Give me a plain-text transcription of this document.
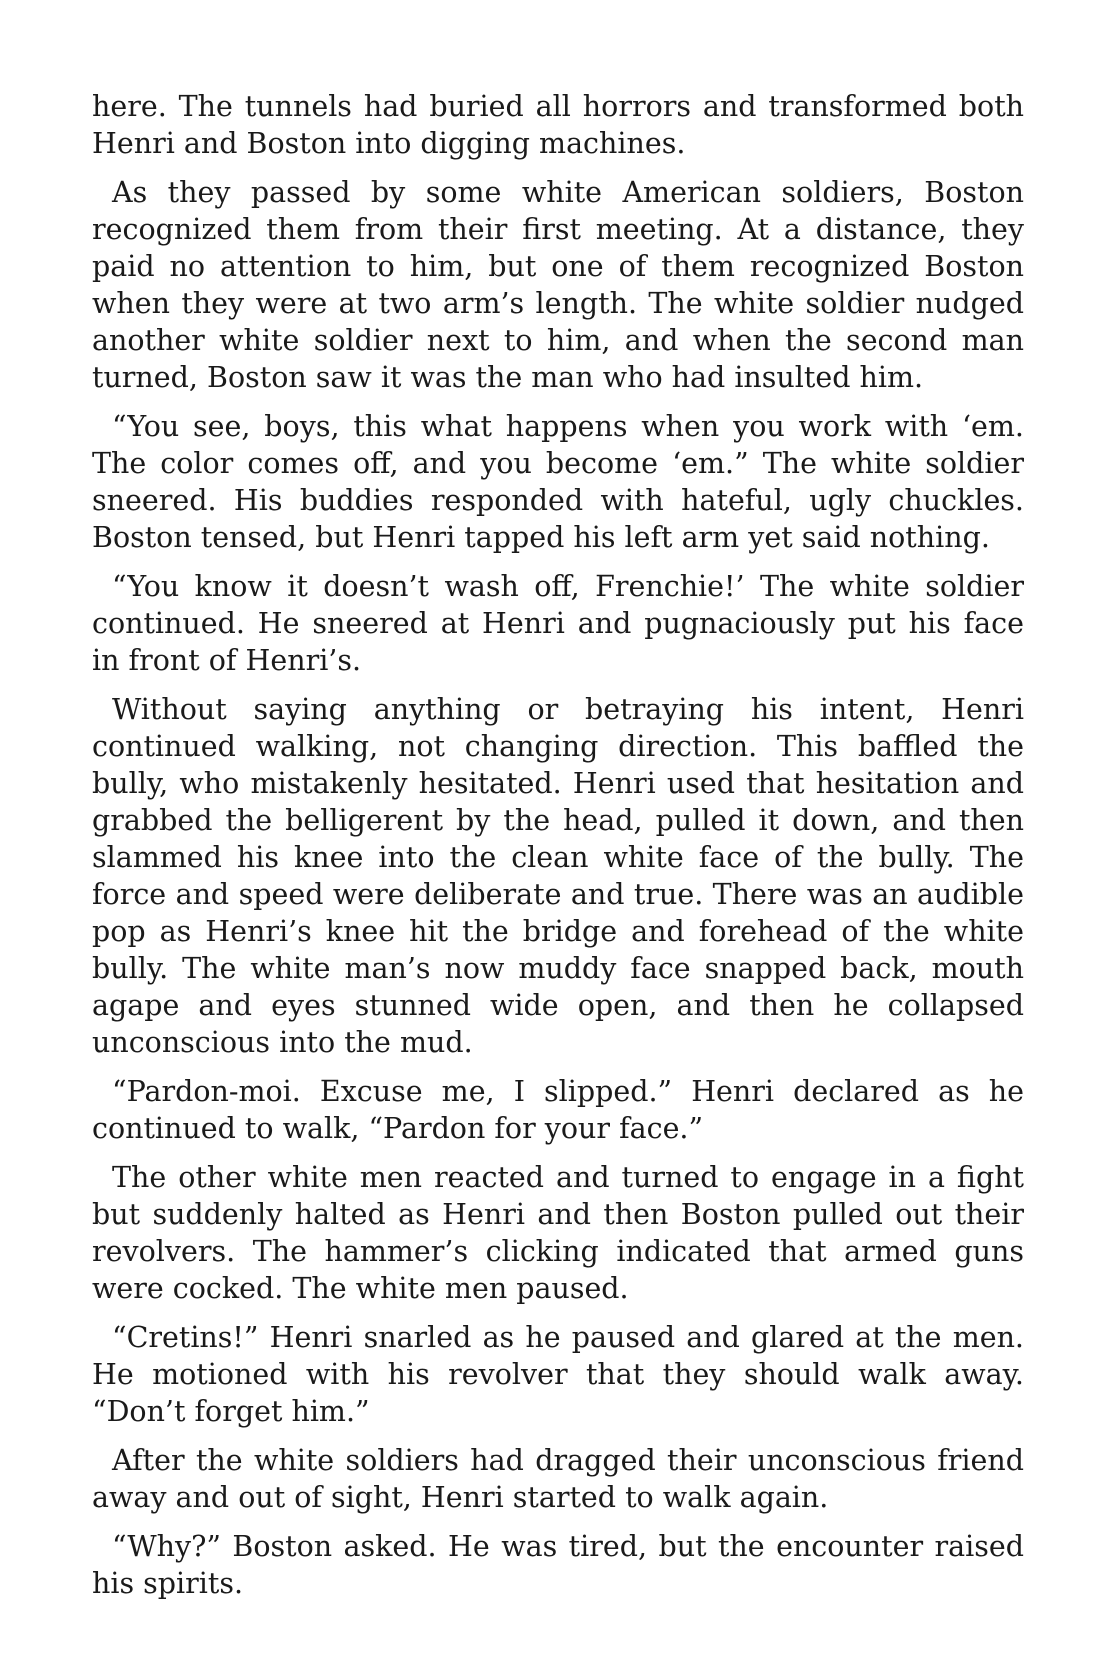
here. The tunnels had buried all horrors and transformed both Henri and Boston into digging machines.

As they passed by some white American soldiers, Boston recognized them from their first meeting. At a distance, they paid no attention to him, but one of them recognized Boston when they were at two arm’s length. The white soldier nudged another white soldier next to him, and when the second man turned, Boston saw it was the man who had insulted him.

“You see, boys, this what happens when you work with ‘em. The color comes off, and you become ‘em.” The white soldier sneered. His buddies responded with hateful, ugly chuckles. Boston tensed, but Henri tapped his left arm yet said nothing.

“You know it doesn’t wash off, Frenchie!’ The white soldier continued. He sneered at Henri and pugnaciously put his face in front of Henri’s.

Without saying anything or betraying his intent, Henri continued walking, not changing direction. This baffled the bully, who mistakenly hesitated. Henri used that hesitation and grabbed the belligerent by the head, pulled it down, and then slammed his knee into the clean white face of the bully. The force and speed were deliberate and true. There was an audible pop as Henri’s knee hit the bridge and forehead of the white bully. The white man’s now muddy face snapped back, mouth agape and eyes stunned wide open, and then he collapsed unconscious into the mud.

“Pardon-moi. Excuse me, I slipped.” Henri declared as he continued to walk, “Pardon for your face.”

The other white men reacted and turned to engage in a fight but suddenly halted as Henri and then Boston pulled out their revolvers. The hammer’s clicking indicated that armed guns were cocked. The white men paused.

“Cretins!” Henri snarled as he paused and glared at the men. He motioned with his revolver that they should walk away. “Don’t forget him.”

After the white soldiers had dragged their unconscious friend away and out of sight, Henri started to walk again.

“Why?” Boston asked. He was tired, but the encounter raised his spirits.
